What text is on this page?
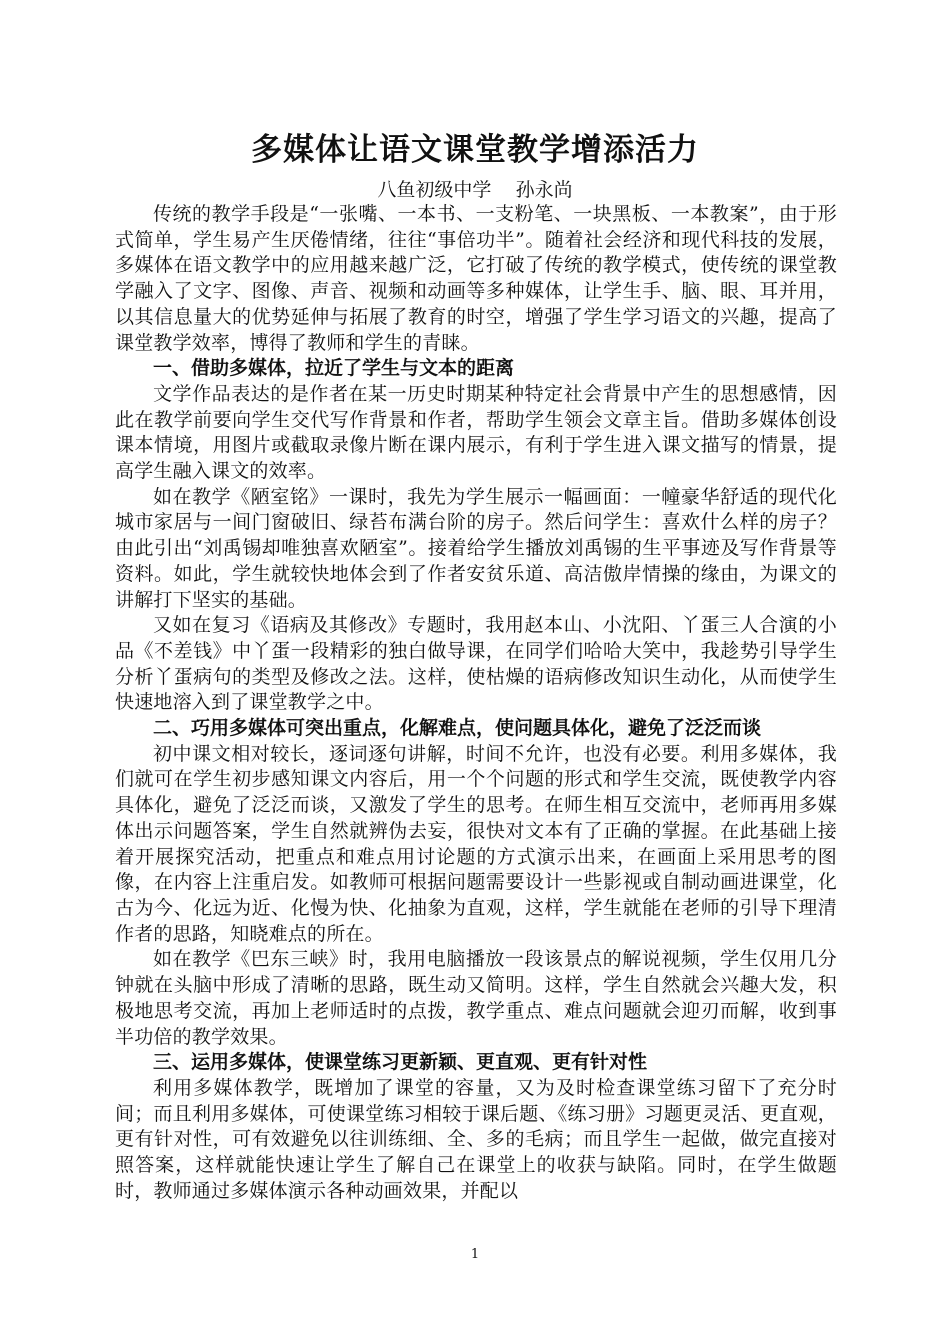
多媒体让语文课堂教学增添活力
八鱼初级中学    孙永尚

传统的教学手段是“一张嘴、一本书、一支粉笔、一块黑板、一本教案”，由于形式简单，学生易产生厌倦情绪，往往“事倍功半”。随着社会经济和现代科技的发展，多媒体在语文教学中的应用越来越广泛，它打破了传统的教学模式，使传统的课堂教学融入了文字、图像、声音、视频和动画等多种媒体，让学生手、脑、眼、耳并用，以其信息量大的优势延伸与拓展了教育的时空，增强了学生学习语文的兴趣，提高了课堂教学效率，博得了教师和学生的青睐。

一、借助多媒体，拉近了学生与文本的距离

文学作品表达的是作者在某一历史时期某种特定社会背景中产生的思想感情，因此在教学前要向学生交代写作背景和作者，帮助学生领会文章主旨。借助多媒体创设课本情境，用图片或截取录像片断在课内展示，有利于学生进入课文描写的情景，提高学生融入课文的效率。

如在教学《陋室铭》一课时，我先为学生展示一幅画面：一幢豪华舒适的现代化城市家居与一间门窗破旧、绿苔布满台阶的房子。然后问学生：喜欢什么样的房子？由此引出“刘禹锡却唯独喜欢陋室”。接着给学生播放刘禹锡的生平事迹及写作背景等资料。如此，学生就较快地体会到了作者安贫乐道、高洁傲岸情操的缘由，为课文的讲解打下坚实的基础。

又如在复习《语病及其修改》专题时，我用赵本山、小沈阳、丫蛋三人合演的小品《不差钱》中丫蛋一段精彩的独白做导课，在同学们哈哈大笑中，我趁势引导学生分析丫蛋病句的类型及修改之法。这样，使枯燥的语病修改知识生动化，从而使学生快速地溶入到了课堂教学之中。

二、巧用多媒体可突出重点，化解难点，使问题具体化，避免了泛泛而谈

初中课文相对较长，逐词逐句讲解，时间不允许，也没有必要。利用多媒体，我们就可在学生初步感知课文内容后，用一个个问题的形式和学生交流，既使教学内容具体化，避免了泛泛而谈，又激发了学生的思考。在师生相互交流中，老师再用多媒体出示问题答案，学生自然就辨伪去妄，很快对文本有了正确的掌握。在此基础上接着开展探究活动，把重点和难点用讨论题的方式演示出来，在画面上采用思考的图像，在内容上注重启发。如教师可根据问题需要设计一些影视或自制动画进课堂，化古为今、化远为近、化慢为快、化抽象为直观，这样，学生就能在老师的引导下理清作者的思路，知晓难点的所在。

如在教学《巴东三峡》时，我用电脑播放一段该景点的解说视频，学生仅用几分钟就在头脑中形成了清晰的思路，既生动又简明。这样，学生自然就会兴趣大发，积极地思考交流，再加上老师适时的点拨，教学重点、难点问题就会迎刃而解，收到事半功倍的教学效果。

三、运用多媒体，使课堂练习更新颖、更直观、更有针对性

利用多媒体教学，既增加了课堂的容量，又为及时检查课堂练习留下了充分时间；而且利用多媒体，可使课堂练习相较于课后题、《练习册》习题更灵活、更直观，更有针对性，可有效避免以往训练细、全、多的毛病；而且学生一起做，做完直接对照答案，这样就能快速让学生了解自己在课堂上的收获与缺陷。同时，在学生做题时，教师通过多媒体演示各种动画效果，并配以

1
